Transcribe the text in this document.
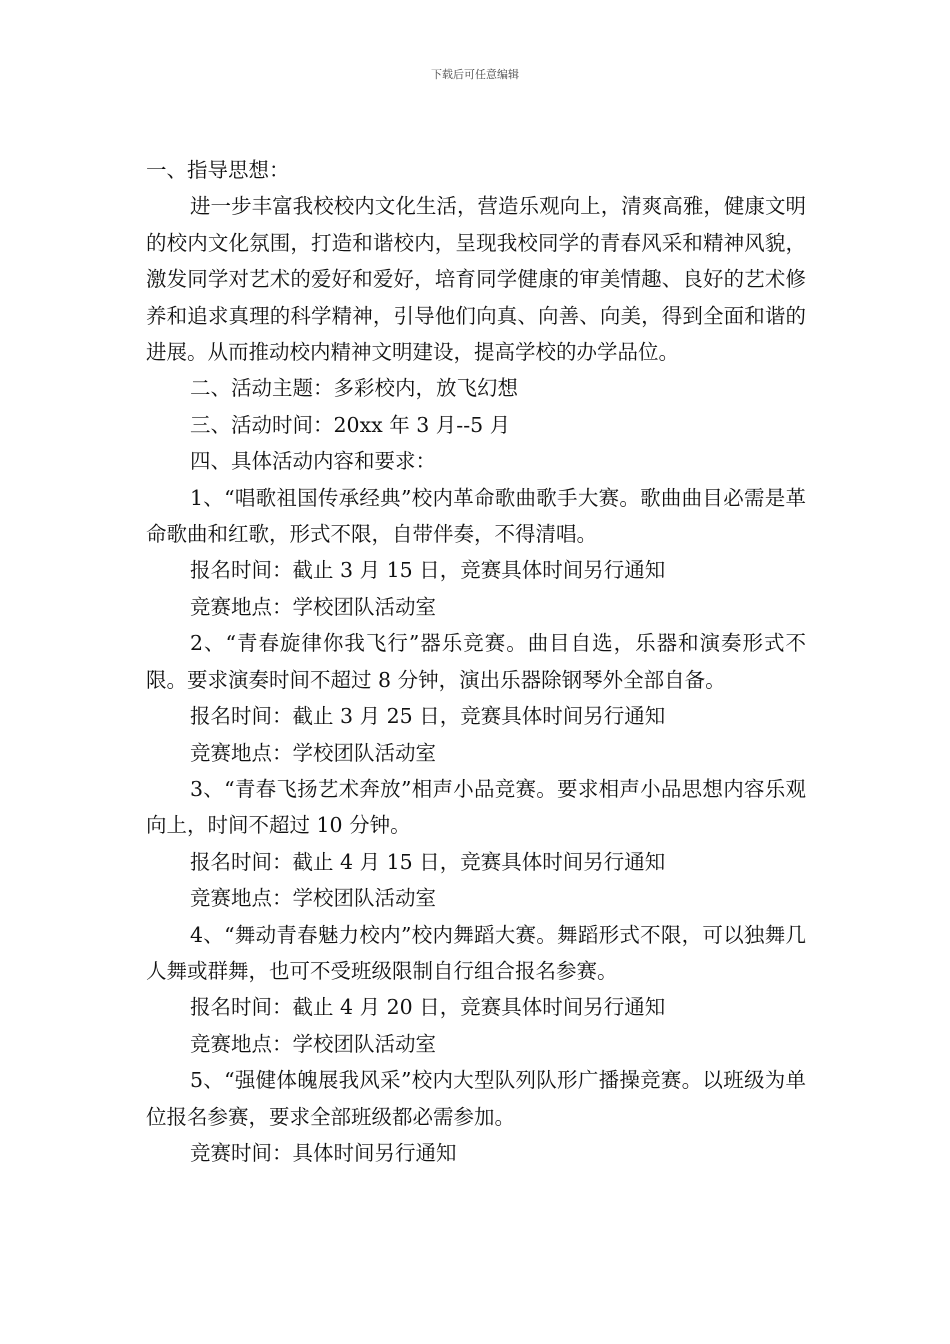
下载后可任意编辑

一、指导思想：

进一步丰富我校校内文化生活，营造乐观向上，清爽高雅，健康文明的校内文化氛围，打造和谐校内，呈现我校同学的青春风采和精神风貌，激发同学对艺术的爱好和爱好，培育同学健康的审美情趣、良好的艺术修养和追求真理的科学精神，引导他们向真、向善、向美，得到全面和谐的进展。从而推动校内精神文明建设，提高学校的办学品位。

二、活动主题：多彩校内，放飞幻想

三、活动时间：20xx 年 3 月--5 月

四、具体活动内容和要求：

1、“唱歌祖国传承经典”校内革命歌曲歌手大赛。歌曲曲目必需是革命歌曲和红歌，形式不限，自带伴奏，不得清唱。

报名时间：截止 3 月 15 日，竞赛具体时间另行通知

竞赛地点：学校团队活动室

2、“青春旋律你我飞行”器乐竞赛。曲目自选，乐器和演奏形式不限。要求演奏时间不超过 8 分钟，演出乐器除钢琴外全部自备。

报名时间：截止 3 月 25 日，竞赛具体时间另行通知

竞赛地点：学校团队活动室

3、“青春飞扬艺术奔放”相声小品竞赛。要求相声小品思想内容乐观向上，时间不超过 10 分钟。

报名时间：截止 4 月 15 日，竞赛具体时间另行通知

竞赛地点：学校团队活动室

4、“舞动青春魅力校内”校内舞蹈大赛。舞蹈形式不限，可以独舞几人舞或群舞，也可不受班级限制自行组合报名参赛。

报名时间：截止 4 月 20 日，竞赛具体时间另行通知

竞赛地点：学校团队活动室

5、“强健体魄展我风采”校内大型队列队形广播操竞赛。以班级为单位报名参赛，要求全部班级都必需参加。

竞赛时间：具体时间另行通知
